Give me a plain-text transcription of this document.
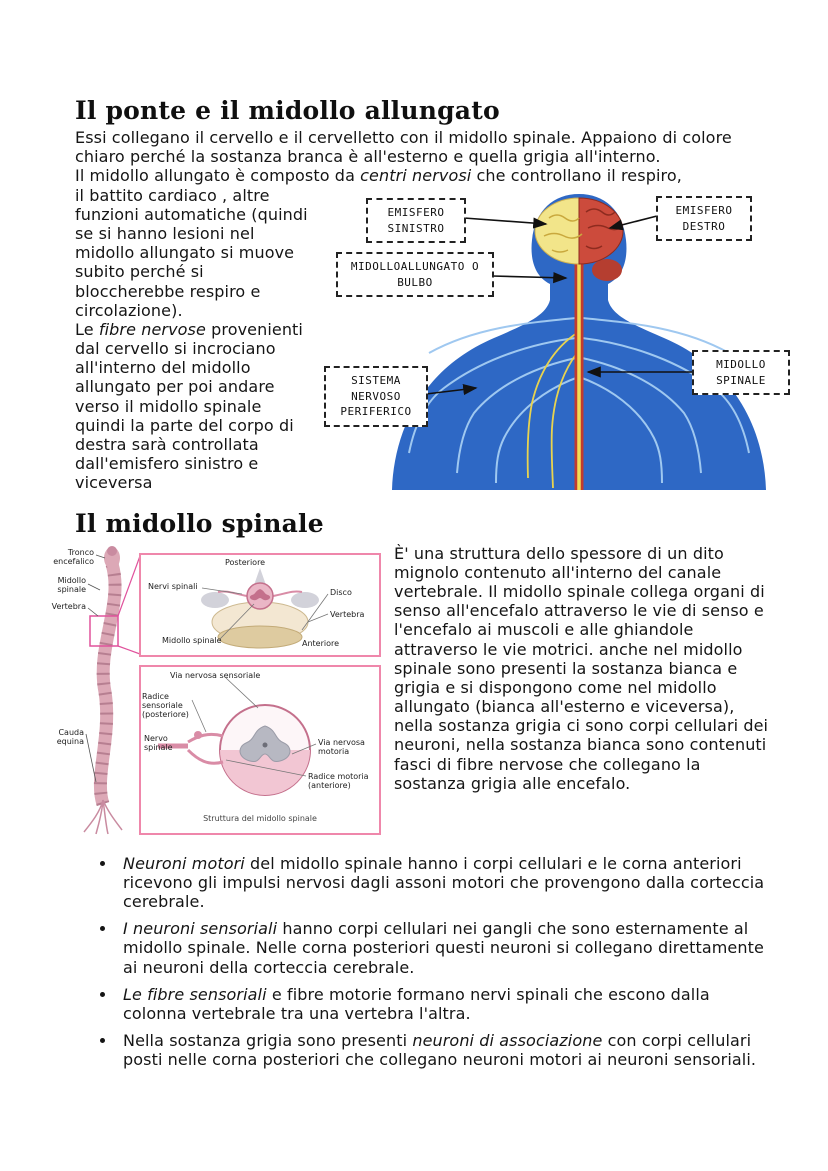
Il ponte e il midollo allungato

Essi collegano il cervello e il cervelletto con il midollo spinale. Appaiono di colore chiaro perché la sostanza branca è all'esterno e quella grigia all'interno.

Il midollo allungato è composto da centri nervosi che controllano il respiro,

EMISFERO SINISTRO
EMISFERO DESTRO
MIDOLLOALLUNGATO O BULBO
SISTEMA NERVOSO PERIFERICO
MIDOLLO SPINALE

il battito cardiaco , altre funzioni automatiche (quindi se si hanno lesioni nel midollo allungato si muove subito perché si bloccherebbe respiro e circolazione).

Le fibre nervose provenienti dal cervello si incrociano all'interno del midollo allungato per poi andare verso il midollo spinale quindi la parte del corpo di destra sarà controllata dall'emisfero sinistro e viceversa

Il midollo spinale
Tronco encefalico
Midollo spinale
Vertebra
Cauda equina
Posteriore
Nervi spinali
Disco
Vertebra
Midollo spinale	Anteriore
Via nervosa sensoriale
Radice sensoriale (posteriore)
Nervo spinale
Via nervosa motoria
Radice motoria (anteriore)
Struttura del midollo spinale

È' una struttura dello spessore di un dito mignolo contenuto all'interno del canale vertebrale. Il midollo spinale collega organi di senso all'encefalo attraverso le vie di senso e l'encefalo ai muscoli e alle ghiandole attraverso le vie motrici. anche nel midollo spinale sono presenti la sostanza bianca e grigia e si dispongono come nel midollo allungato (bianca all'esterno e viceversa), nella sostanza grigia ci sono corpi cellulari dei neuroni, nella sostanza bianca sono contenuti fasci di fibre nervose che collegano la sostanza grigia alle encefalo.

• Neuroni motori del midollo spinale hanno i corpi cellulari e le corna anteriori ricevono gli impulsi nervosi dagli assoni motori che provengono dalla corteccia cerebrale.
• I neuroni sensoriali hanno corpi cellulari nei gangli che sono esternamente al midollo spinale. Nelle corna posteriori questi neuroni si collegano direttamente ai neuroni della corteccia cerebrale.
• Le fibre sensoriali e fibre motorie formano nervi spinali che escono dalla colonna vertebrale tra una vertebra l'altra.
• Nella sostanza grigia sono presenti neuroni di associazione con corpi cellulari posti nelle corna posteriori che collegano neuroni motori ai neuroni sensoriali.
